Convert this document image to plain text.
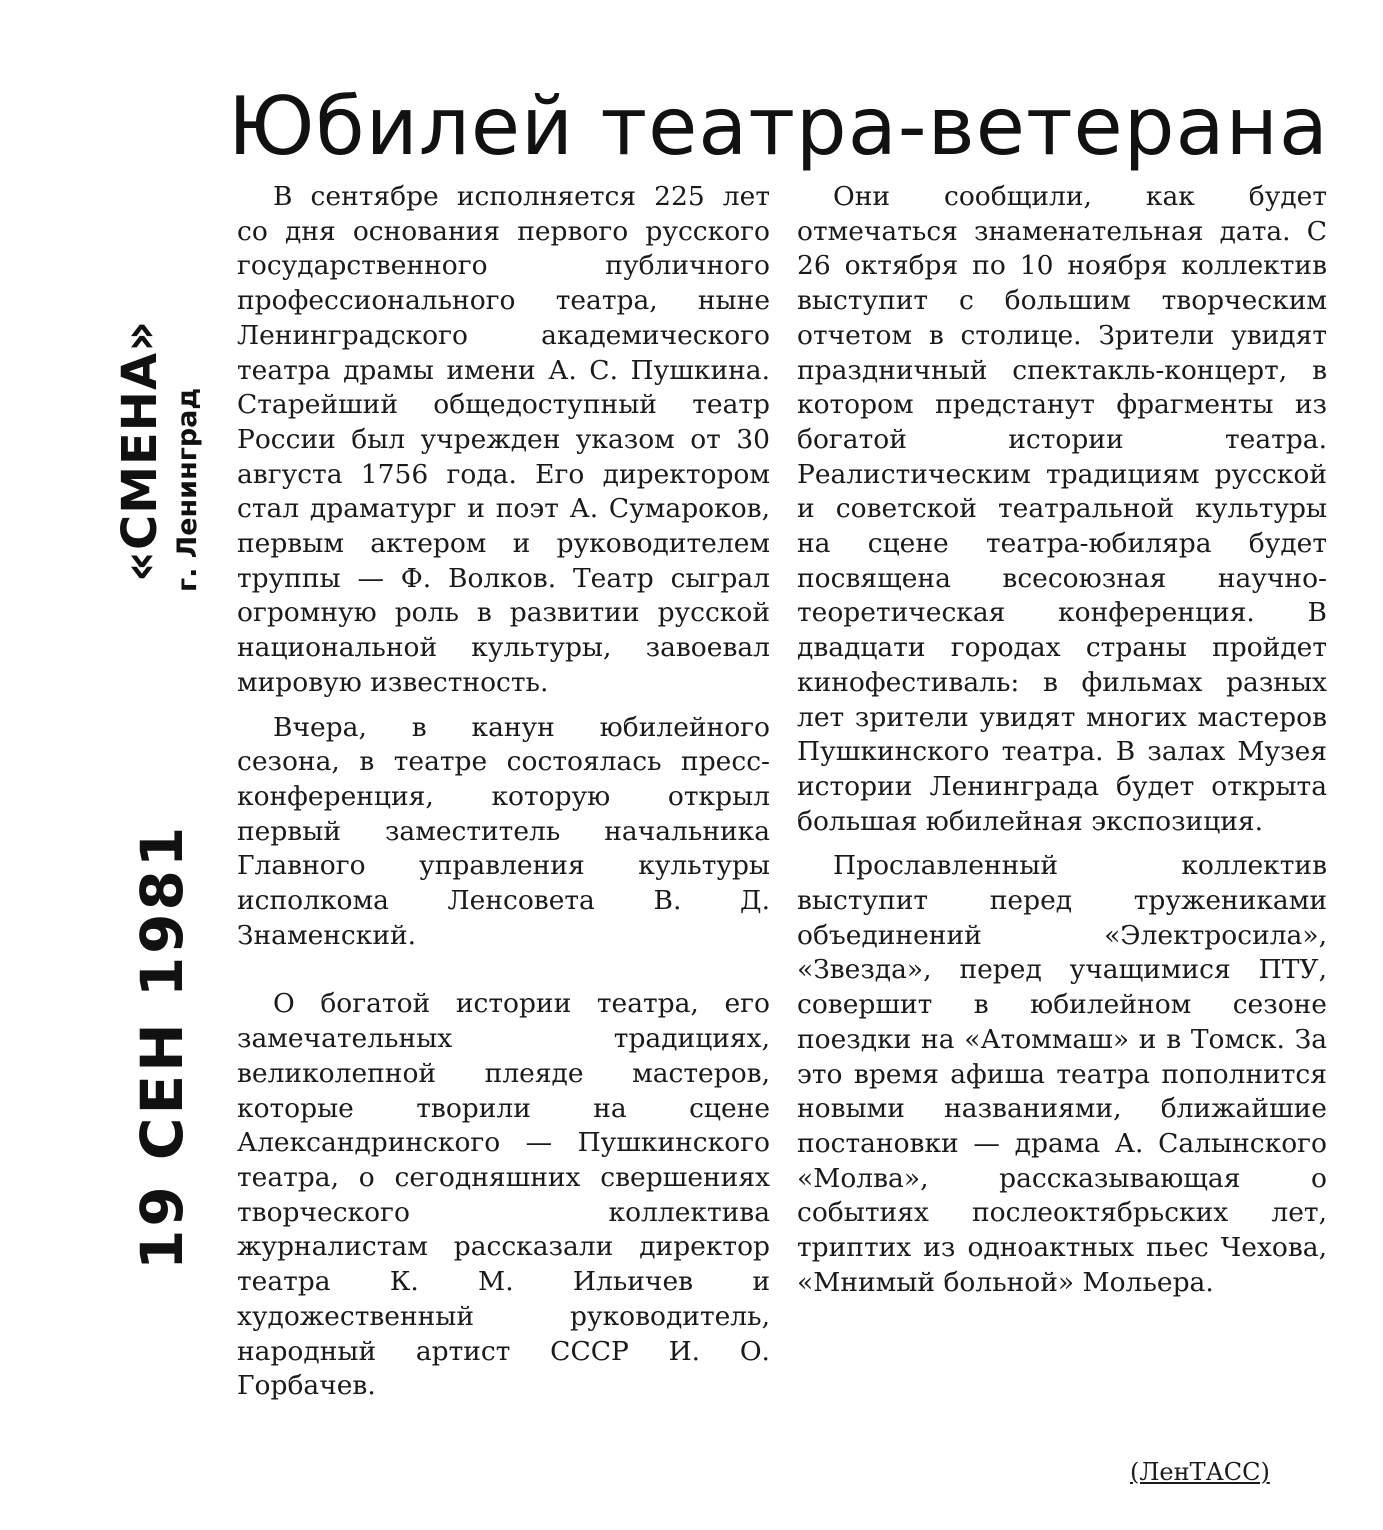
«СМЕНА» г. Ленинград
19 СЕН 1981
Юбилей театра-ветерана

В сентябре исполняется 225 лет со дня основания первого русского государственного публичного профессионального театра, ныне Ленинградского академического театра драмы имени А. С. Пушкина. Старейший общедоступный театр России был учрежден указом от 30 августа 1756 года. Его директором стал драматург и поэт А. Сумароков, первым актером и руководителем труппы — Ф. Волков. Театр сыграл огромную роль в развитии русской национальной культуры, завоевал мировую известность.

Вчера, в канун юбилейного сезона, в театре состоялась пресс-конференция, которую открыл первый заместитель начальника Главного управления культуры исполкома Ленсовета В. Д. Знаменский.

О богатой истории театра, его замечательных традициях, великолепной плеяде мастеров, которые творили на сцене Александринского — Пушкинского театра, о сегодняшних свершениях творческого коллектива журналистам рассказали директор театра К. М. Ильичев и художественный руководитель, народный артист СССР И. О. Горбачев.

Они сообщили, как будет отмечаться знаменательная дата. С 26 октября по 10 ноября коллектив выступит с большим творческим отчетом в столице. Зрители увидят праздничный спектакль-концерт, в котором предстанут фрагменты из богатой истории театра. Реалистическим традициям русской и советской театральной культуры на сцене театра-юбиляра будет посвящена всесоюзная научно-теоретическая конференция. В двадцати городах страны пройдет кинофестиваль: в фильмах разных лет зрители увидят многих мастеров Пушкинского театра. В залах Музея истории Ленинграда будет открыта большая юбилейная экспозиция.

Прославленный коллектив выступит перед тружениками объединений «Электросила», «Звезда», перед учащимися ПТУ, совершит в юбилейном сезоне поездки на «Атоммаш» и в Томск. За это время афиша театра пополнится новыми названиями, ближайшие постановки — драма А. Салынского «Молва», рассказывающая о событиях послеоктябрьских лет, триптих из одноактных пьес Чехова, «Мнимый больной» Мольера.

(ЛенТАСС)
